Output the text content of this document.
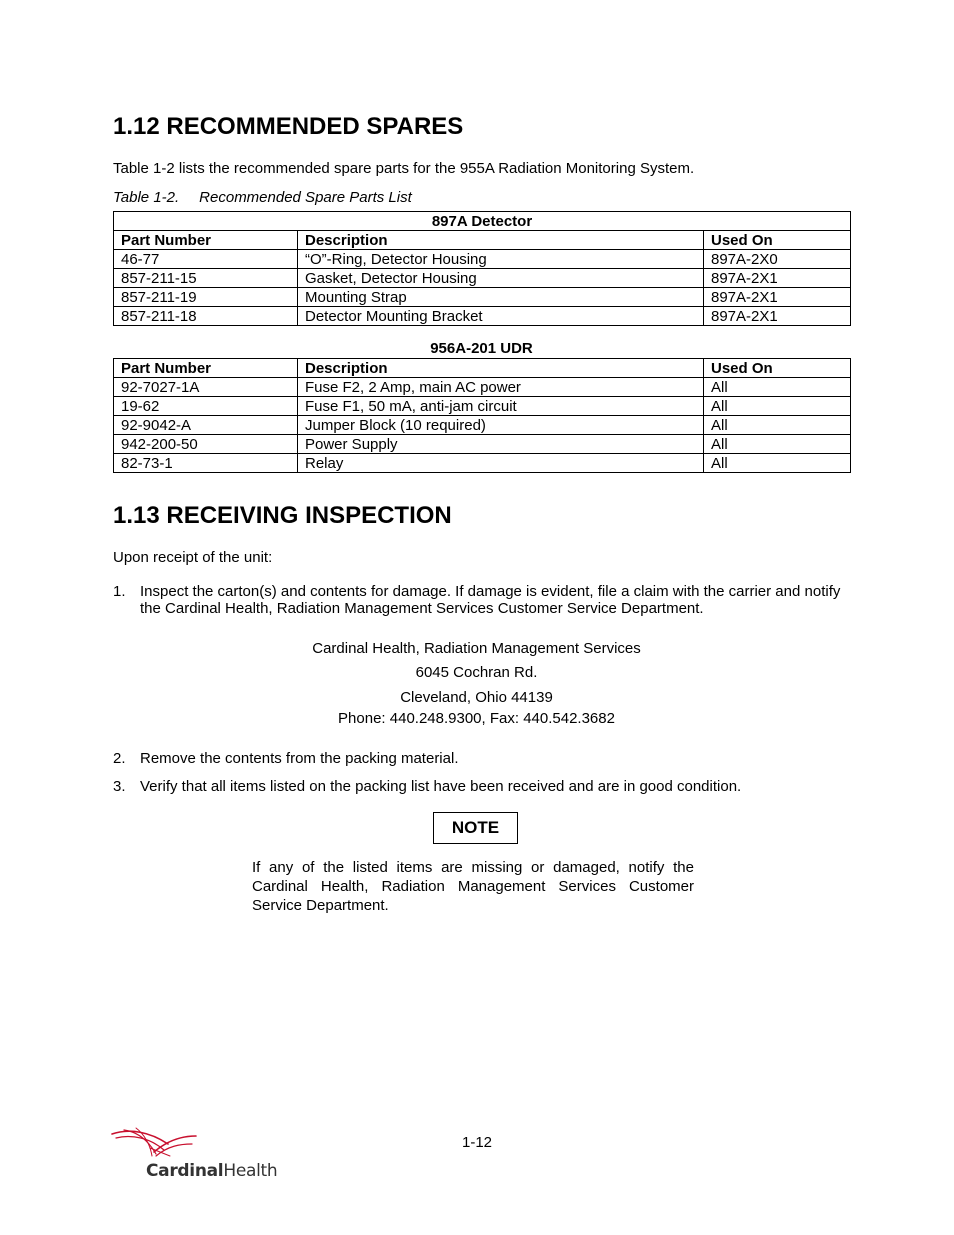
1.12 RECOMMENDED SPARES
Table 1-2 lists the recommended spare parts for the 955A Radiation Monitoring System.
Table 1-2. Recommended Spare Parts List
897A Detector		
Part Number	Description	Used On
46-77	“O”-Ring, Detector Housing	897A-2X0
857-211-15	Gasket, Detector Housing	897A-2X1
857-211-19	Mounting Strap	897A-2X1
857-211-18	Detector Mounting Bracket	897A-2X1
956A-201 UDR
Part Number	Description	Used On
92-7027-1A	Fuse F2, 2 Amp, main AC power	All
19-62	Fuse F1, 50 mA, anti-jam circuit	All
92-9042-A	Jumper Block (10 required)	All
942-200-50	Power Supply	All
82-73-1	Relay	All
1.13 RECEIVING INSPECTION
Upon receipt of the unit:
1. Inspect the carton(s) and contents for damage. If damage is evident, file a claim with the carrier and notify the Cardinal Health, Radiation Management Services Customer Service Department.
Cardinal Health, Radiation Management Services
6045 Cochran Rd.
Cleveland, Ohio 44139
Phone: 440.248.9300, Fax: 440.542.3682
2. Remove the contents from the packing material.
3. Verify that all items listed on the packing list have been received and are in good condition.
NOTE
If any of the listed items are missing or damaged, notify the Cardinal Health, Radiation Management Services Customer Service Department.
1-12
CardinalHealth
